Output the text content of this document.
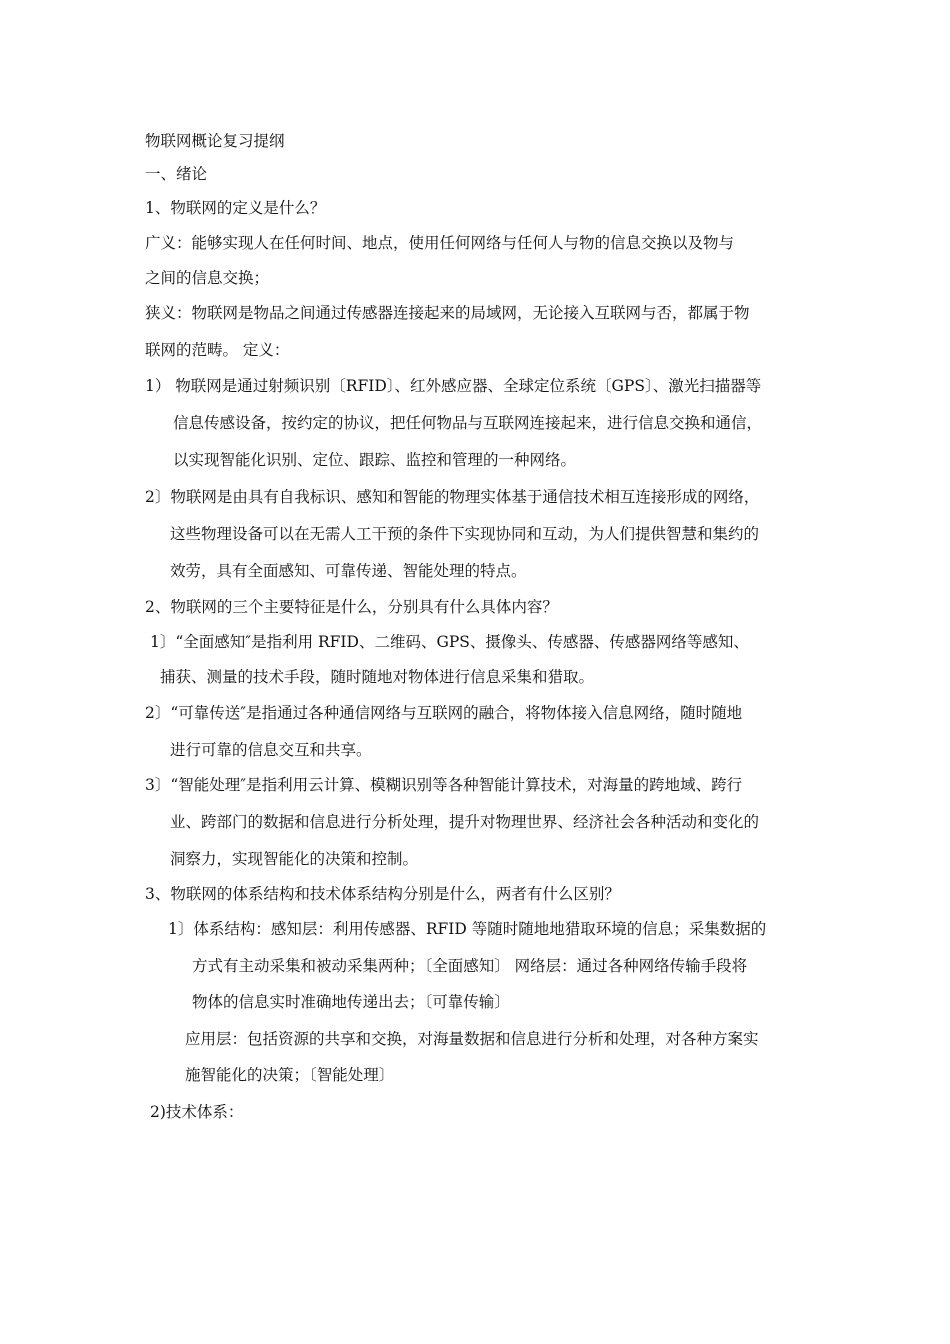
物联网概论复习提纲
一、绪论
1、物联网的定义是什么？
广义：能够实现人在任何时间、地点，使用任何网络与任何人与物的信息交换以及物与
之间的信息交换；
狭义：物联网是物品之间通过传感器连接起来的局域网，无论接入互联网与否，都属于物
联网的范畴。 定义：
1） 物联网是通过射频识别〔RFID〕、红外感应器、全球定位系统〔GPS〕、激光扫描器等
信息传感设备，按约定的协议，把任何物品与互联网连接起来，进行信息交换和通信，
以实现智能化识别、定位、跟踪、监控和管理的一种网络。
2〕物联网是由具有自我标识、感知和智能的物理实体基于通信技术相互连接形成的网络，
这些物理设备可以在无需人工干预的条件下实现协同和互动，为人们提供智慧和集约的
效劳，具有全面感知、可靠传递、智能处理的特点。
2、物联网的三个主要特征是什么，分别具有什么具体内容？
1〕“全面感知″是指利用 RFID、二维码、GPS、摄像头、传感器、传感器网络等感知、
捕获、测量的技术手段，随时随地对物体进行信息采集和猎取。
2〕“可靠传送″是指通过各种通信网络与互联网的融合，将物体接入信息网络，随时随地
进行可靠的信息交互和共享。
3〕“智能处理″是指利用云计算、模糊识别等各种智能计算技术，对海量的跨地域、跨行
业、跨部门的数据和信息进行分析处理，提升对物理世界、经济社会各种活动和变化的
洞察力，实现智能化的决策和控制。
3、物联网的体系结构和技术体系结构分别是什么，两者有什么区别？
1〕体系结构：感知层：利用传感器、RFID 等随时随地地猎取环境的信息；采集数据的
方式有主动采集和被动采集两种；〔全面感知〕 网络层：通过各种网络传输手段将
物体的信息实时准确地传递出去；〔可靠传输〕
应用层：包括资源的共享和交换，对海量数据和信息进行分析和处理，对各种方案实
施智能化的决策；〔智能处理〕
2)技术体系：
